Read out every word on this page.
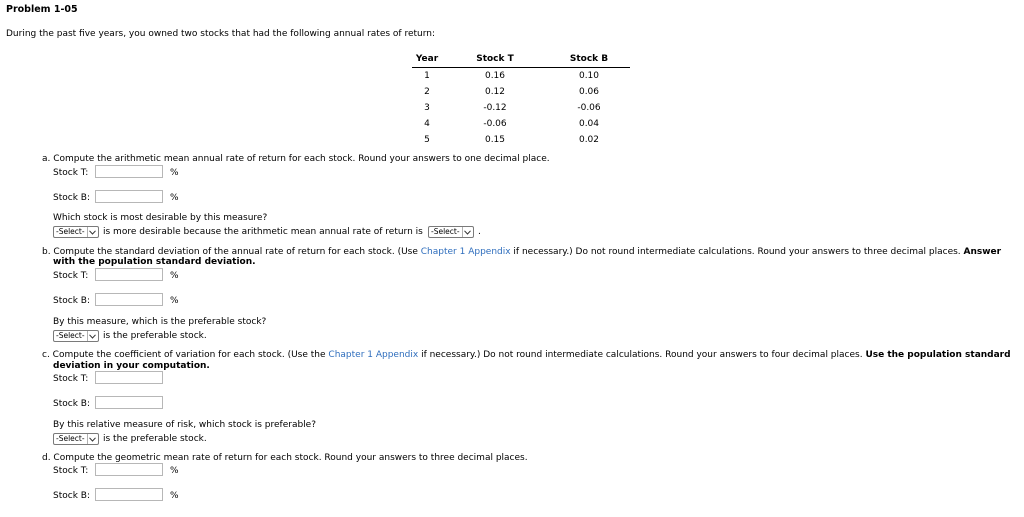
Problem 1-05
During the past five years, you owned two stocks that had the following annual rates of return:
Year	Stock T	Stock B
1	0.16	0.10
2	0.12	0.06
3	-0.12	-0.06
4	-0.06	0.04
5	0.15	0.02
a. Compute the arithmetic mean annual rate of return for each stock. Round your answers to one decimal place.
Stock T:	%
Stock B:	%
Which stock is most desirable by this measure?
-Select-	is more desirable because the arithmetic mean annual rate of return is	-Select-	.
b. Compute the standard deviation of the annual rate of return for each stock. (Use Chapter 1 Appendix if necessary.) Do not round intermediate calculations. Round your answers to three decimal places. Answer
with the population standard deviation.
Stock T:	%
Stock B:	%
By this measure, which is the preferable stock?
-Select-	is the preferable stock.
c. Compute the coefficient of variation for each stock. (Use the Chapter 1 Appendix if necessary.) Do not round intermediate calculations. Round your answers to four decimal places. Use the population standard
deviation in your computation.
Stock T:
Stock B:
By this relative measure of risk, which stock is preferable?
-Select-	is the preferable stock.
d. Compute the geometric mean rate of return for each stock. Round your answers to three decimal places.
Stock T:	%
Stock B:	%
